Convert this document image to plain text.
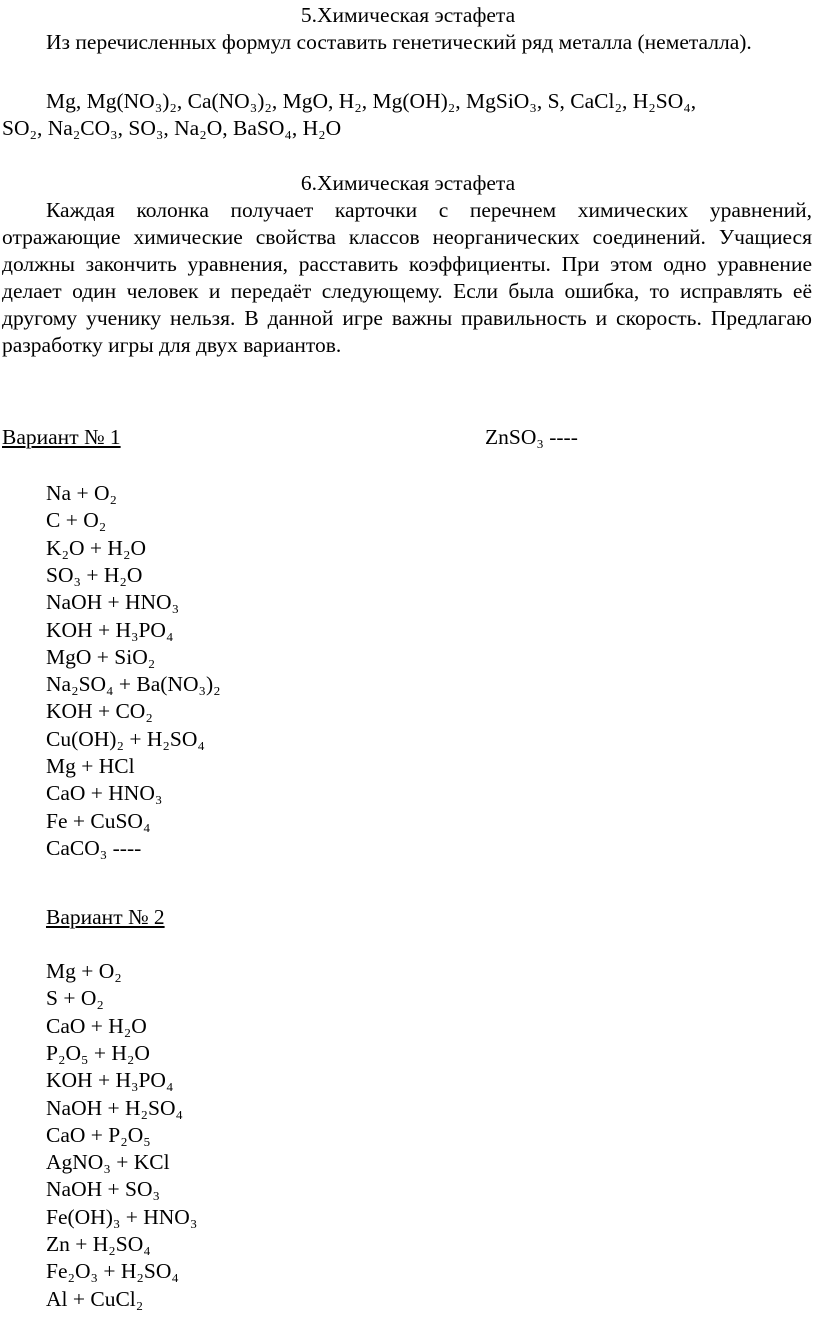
5.Химическая эстафета
Из перечисленных формул составить генетический ряд металла (неметалла).
Mg, Mg(NO₃)₂, Ca(NO₃)₂, MgO, H₂, Mg(OH)₂, MgSiO₃, S, CaCl₂, H₂SO₄,
SO₂, Na₂CO₃, SO₃, Na₂O, BaSO₄, H₂O
6.Химическая эстафета
Каждая колонка получает карточки с перечнем химических уравнений, отражающие химические свойства классов неорганических соединений. Учащиеся должны закончить уравнения, расставить коэффициенты. При этом одно уравнение делает один человек и передаёт следующему. Если была ошибка, то исправлять её другому ученику нельзя. В данной игре важны правильность и скорость. Предлагаю разработку игры для двух вариантов.
Вариант № 1	ZnSO₃ ----
Na + O₂
C + O₂
K₂O + H₂O
SO₃ + H₂O
NaOH + HNO₃
KOH + H₃PO₄
MgO + SiO₂
Na₂SO₄ + Ba(NO₃)₂
KOH + CO₂
Cu(OH)₂ + H₂SO₄
Mg + HCl
CaO + HNO₃
Fe + CuSO₄
CaCO₃ ----
Вариант № 2
Mg + O₂
S + O₂
CaO + H₂O
P₂O₅ + H₂O
KOH + H₃PO₄
NaOH + H₂SO₄
CaO + P₂O₅
AgNO₃ + KCl
NaOH + SO₃
Fe(OH)₃ + HNO₃
Zn + H₂SO₄
Fe₂O₃ + H₂SO₄
Al + CuCl₂
